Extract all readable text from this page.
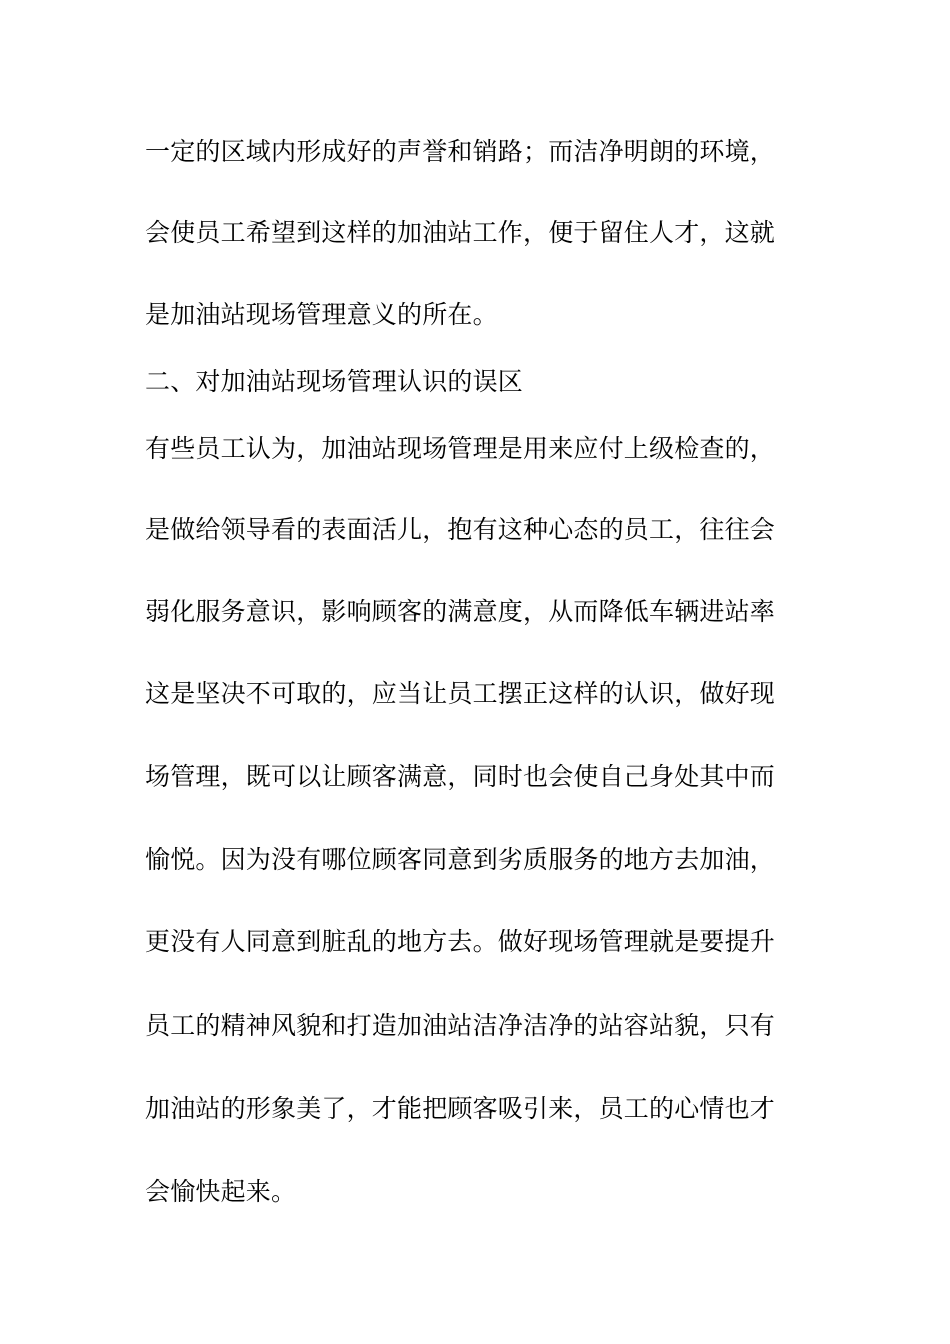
一定的区域内形成好的声誉和销路；而洁净明朗的环境，
会使员工希望到这样的加油站工作，便于留住人才，这就
是加油站现场管理意义的所在。
二、对加油站现场管理认识的误区
有些员工认为，加油站现场管理是用来应付上级检查的，
是做给领导看的表面活儿，抱有这种心态的员工，往往会
弱化服务意识，影响顾客的满意度，从而降低车辆进站率
这是坚决不可取的，应当让员工摆正这样的认识，做好现
场管理，既可以让顾客满意，同时也会使自己身处其中而
愉悦。因为没有哪位顾客同意到劣质服务的地方去加油，
更没有人同意到脏乱的地方去。做好现场管理就是要提升
员工的精神风貌和打造加油站洁净洁净的站容站貌，只有
加油站的形象美了，才能把顾客吸引来，员工的心情也才
会愉快起来。
